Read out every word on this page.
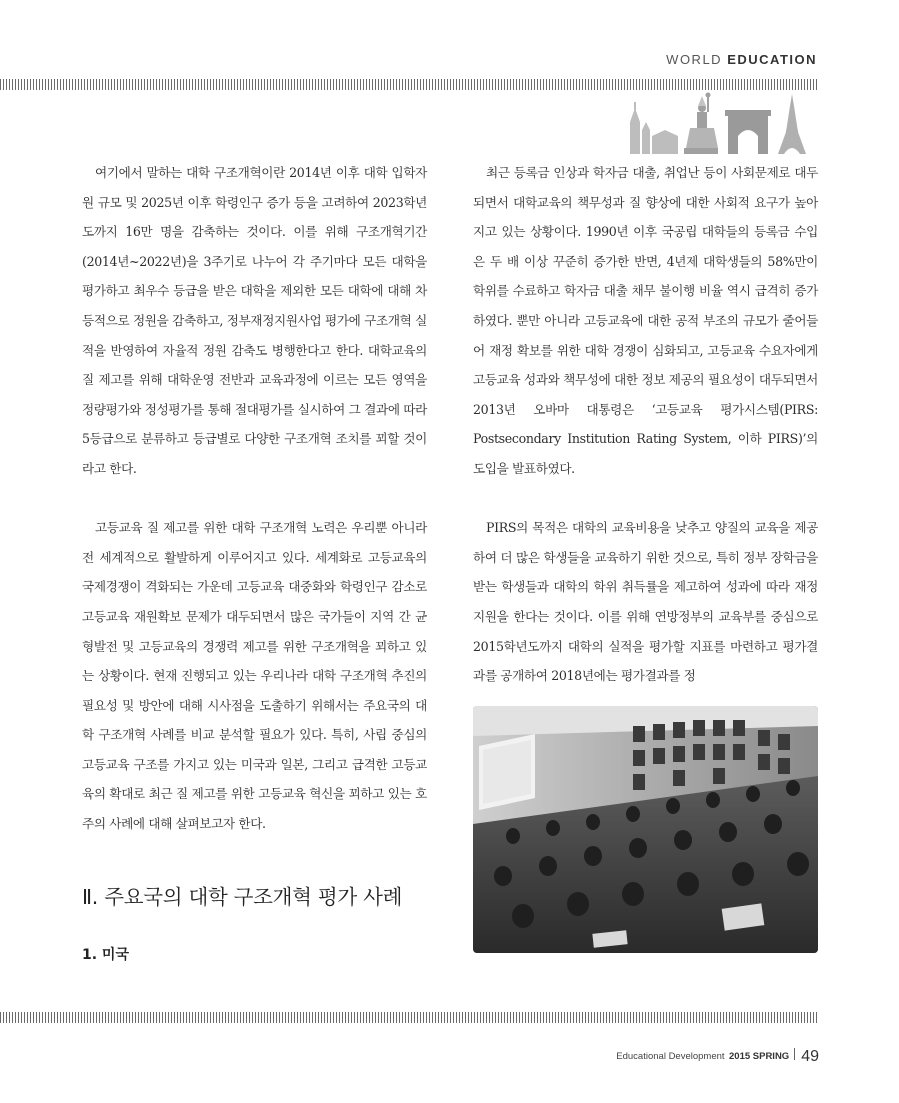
WORLD EDUCATION

여기에서 말하는 대학 구조개혁이란 2014년 이후 대학 입학자원 규모 및 2025년 이후 학령인구 증가 등을 고려하여 2023학년도까지 16만 명을 감축하는 것이다. 이를 위해 구조개혁기간(2014년~2022년)을 3주기로 나누어 각 주기마다 모든 대학을 평가하고 최우수 등급을 받은 대학을 제외한 모든 대학에 대해 차등적으로 정원을 감축하고, 정부재정지원사업 평가에 구조개혁 실적을 반영하여 자율적 정원 감축도 병행한다고 한다. 대학교육의 질 제고를 위해 대학운영 전반과 교육과정에 이르는 모든 영역을 정량평가와 정성평가를 통해 절대평가를 실시하여 그 결과에 따라 5등급으로 분류하고 등급별로 다양한 구조개혁 조치를 꾀할 것이라고 한다.

고등교육 질 제고를 위한 대학 구조개혁 노력은 우리뿐 아니라 전 세계적으로 활발하게 이루어지고 있다. 세계화로 고등교육의 국제경쟁이 격화되는 가운데 고등교육 대중화와 학령인구 감소로 고등교육 재원확보 문제가 대두되면서 많은 국가들이 지역 간 균형발전 및 고등교육의 경쟁력 제고를 위한 구조개혁을 꾀하고 있는 상황이다. 현재 진행되고 있는 우리나라 대학 구조개혁 추진의 필요성 및 방안에 대해 시사점을 도출하기 위해서는 주요국의 대학 구조개혁 사례를 비교 분석할 필요가 있다. 특히, 사립 중심의 고등교육 구조를 가지고 있는 미국과 일본, 그리고 급격한 고등교육의 확대로 최근 질 제고를 위한 고등교육 혁신을 꾀하고 있는 호주의 사례에 대해 살펴보고자 한다.

최근 등록금 인상과 학자금 대출, 취업난 등이 사회문제로 대두되면서 대학교육의 책무성과 질 향상에 대한 사회적 요구가 높아지고 있는 상황이다. 1990년 이후 국공립 대학들의 등록금 수입은 두 배 이상 꾸준히 증가한 반면, 4년제 대학생들의 58%만이 학위를 수료하고 학자금 대출 채무 불이행 비율 역시 급격히 증가하였다. 뿐만 아니라 고등교육에 대한 공적 부조의 규모가 줄어들어 재정 확보를 위한 대학 경쟁이 심화되고, 고등교육 수요자에게 고등교육 성과와 책무성에 대한 정보 제공의 필요성이 대두되면서 2013년 오바마 대통령은 ‘고등교육 평가시스템(PIRS: Postsecondary Institution Rating System, 이하 PIRS)’의 도입을 발표하였다.

PIRS의 목적은 대학의 교육비용을 낮추고 양질의 교육을 제공하여 더 많은 학생들을 교육하기 위한 것으로, 특히 정부 장학금을 받는 학생들과 대학의 학위 취득률을 제고하여 성과에 따라 재정지원을 한다는 것이다. 이를 위해 연방정부의 교육부를 중심으로 2015학년도까지 대학의 실적을 평가할 지표를 마련하고 평가결과를 공개하여 2018년에는 평가결과를 정

Ⅱ. 주요국의 대학 구조개혁 평가 사례
1. 미국
Educational Development 2015 SPRING 49
